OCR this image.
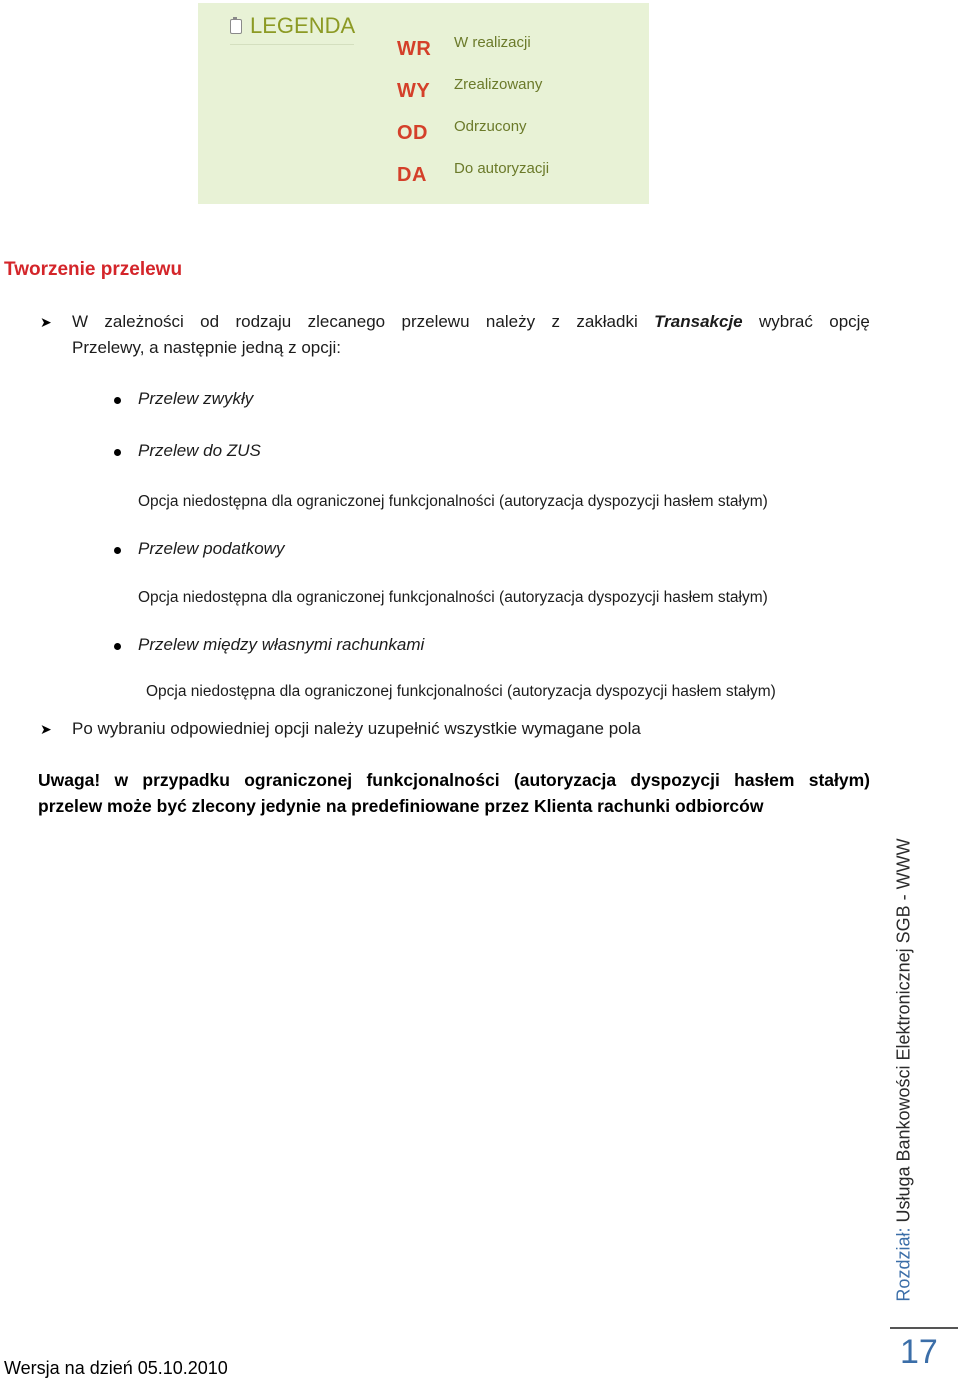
LEGENDA
WR W realizacji
WY Zrealizowany
OD Odrzucony
DA Do autoryzacji
Tworzenie przelewu
➤ W zależności od rodzaju zlecanego przelewu należy z zakładki Transakcje wybrać opcję
Przelewy, a następnie jedną z opcji:
Przelew zwykły
Przelew do ZUS
Opcja niedostępna dla ograniczonej funkcjonalności (autoryzacja dyspozycji hasłem stałym)
Przelew podatkowy
Opcja niedostępna dla ograniczonej funkcjonalności (autoryzacja dyspozycji hasłem stałym)
Przelew między własnymi rachunkami
Opcja niedostępna dla ograniczonej funkcjonalności (autoryzacja dyspozycji hasłem stałym)
➤ Po wybraniu odpowiedniej opcji należy uzupełnić wszystkie wymagane pola
Uwaga! w przypadku ograniczonej funkcjonalności (autoryzacja dyspozycji hasłem stałym)
przelew może być zlecony jedynie na predefiniowane przez Klienta rachunki odbiorców
Rozdział: Usługa Bankowości Elektronicznej SGB - WWW
17
Wersja na dzień 05.10.2010
